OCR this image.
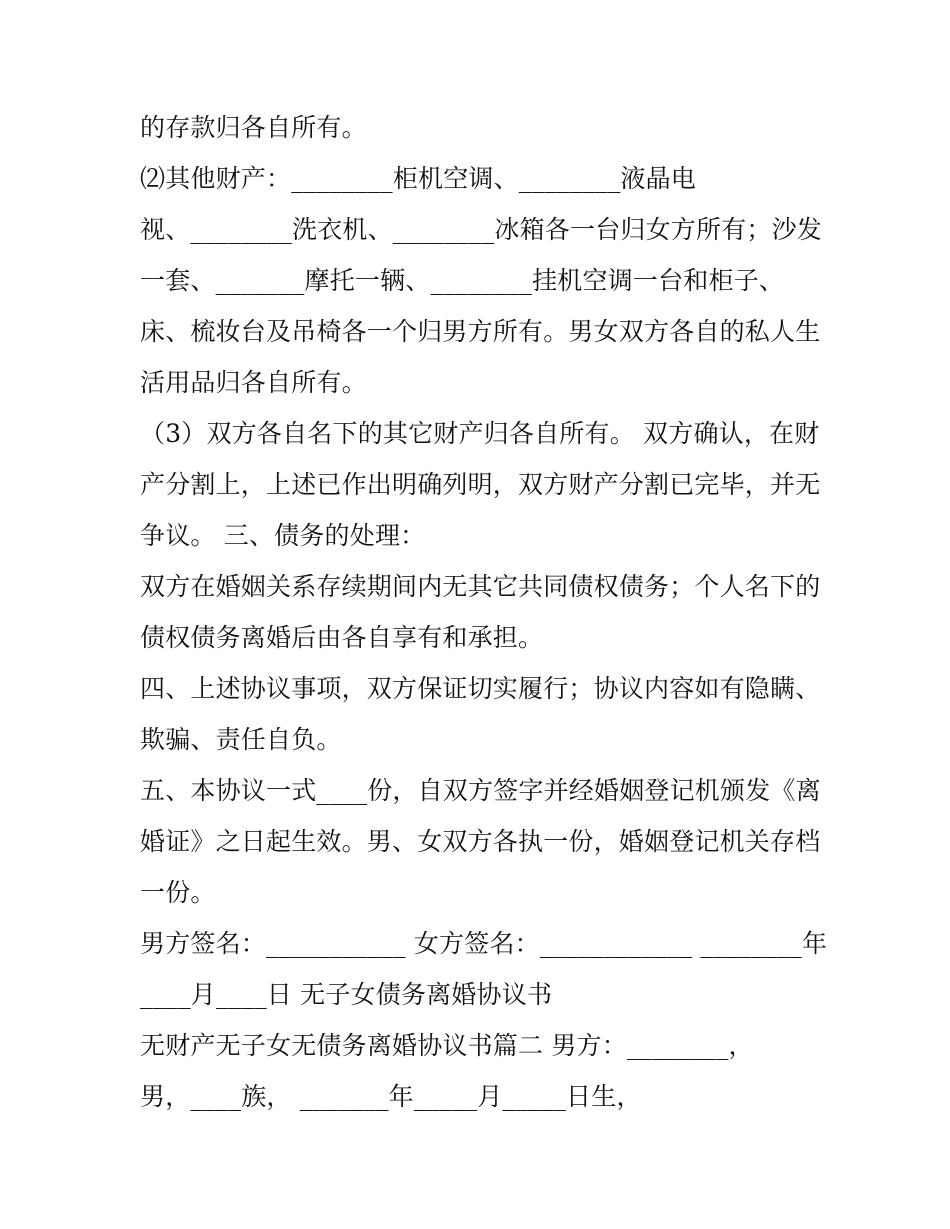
的存款归各自所有。
⑵其他财产：________柜机空调、________液晶电
视、________洗衣机、________冰箱各一台归女方所有；沙发
一套、_______摩托一辆、________挂机空调一台和柜子、
床、梳妆台及吊椅各一个归男方所有。男女双方各自的私人生
活用品归各自所有。
（3）双方各自名下的其它财产归各自所有。 双方确认，在财
产分割上，上述已作出明确列明，双方财产分割已完毕，并无
争议。 三、债务的处理：
双方在婚姻关系存续期间内无其它共同债权债务；个人名下的
债权债务离婚后由各自享有和承担。
四、上述协议事项，双方保证切实履行；协议内容如有隐瞒、
欺骗、责任自负。
五、本协议一式____份，自双方签字并经婚姻登记机颁发《离
婚证》之日起生效。男、女双方各执一份，婚姻登记机关存档
一份。
男方签名：___________ 女方签名：____________ ________年
____月____日 无子女债务离婚协议书
无财产无子女无债务离婚协议书篇二 男方：________，
男，____族， _______年_____月_____日生，
